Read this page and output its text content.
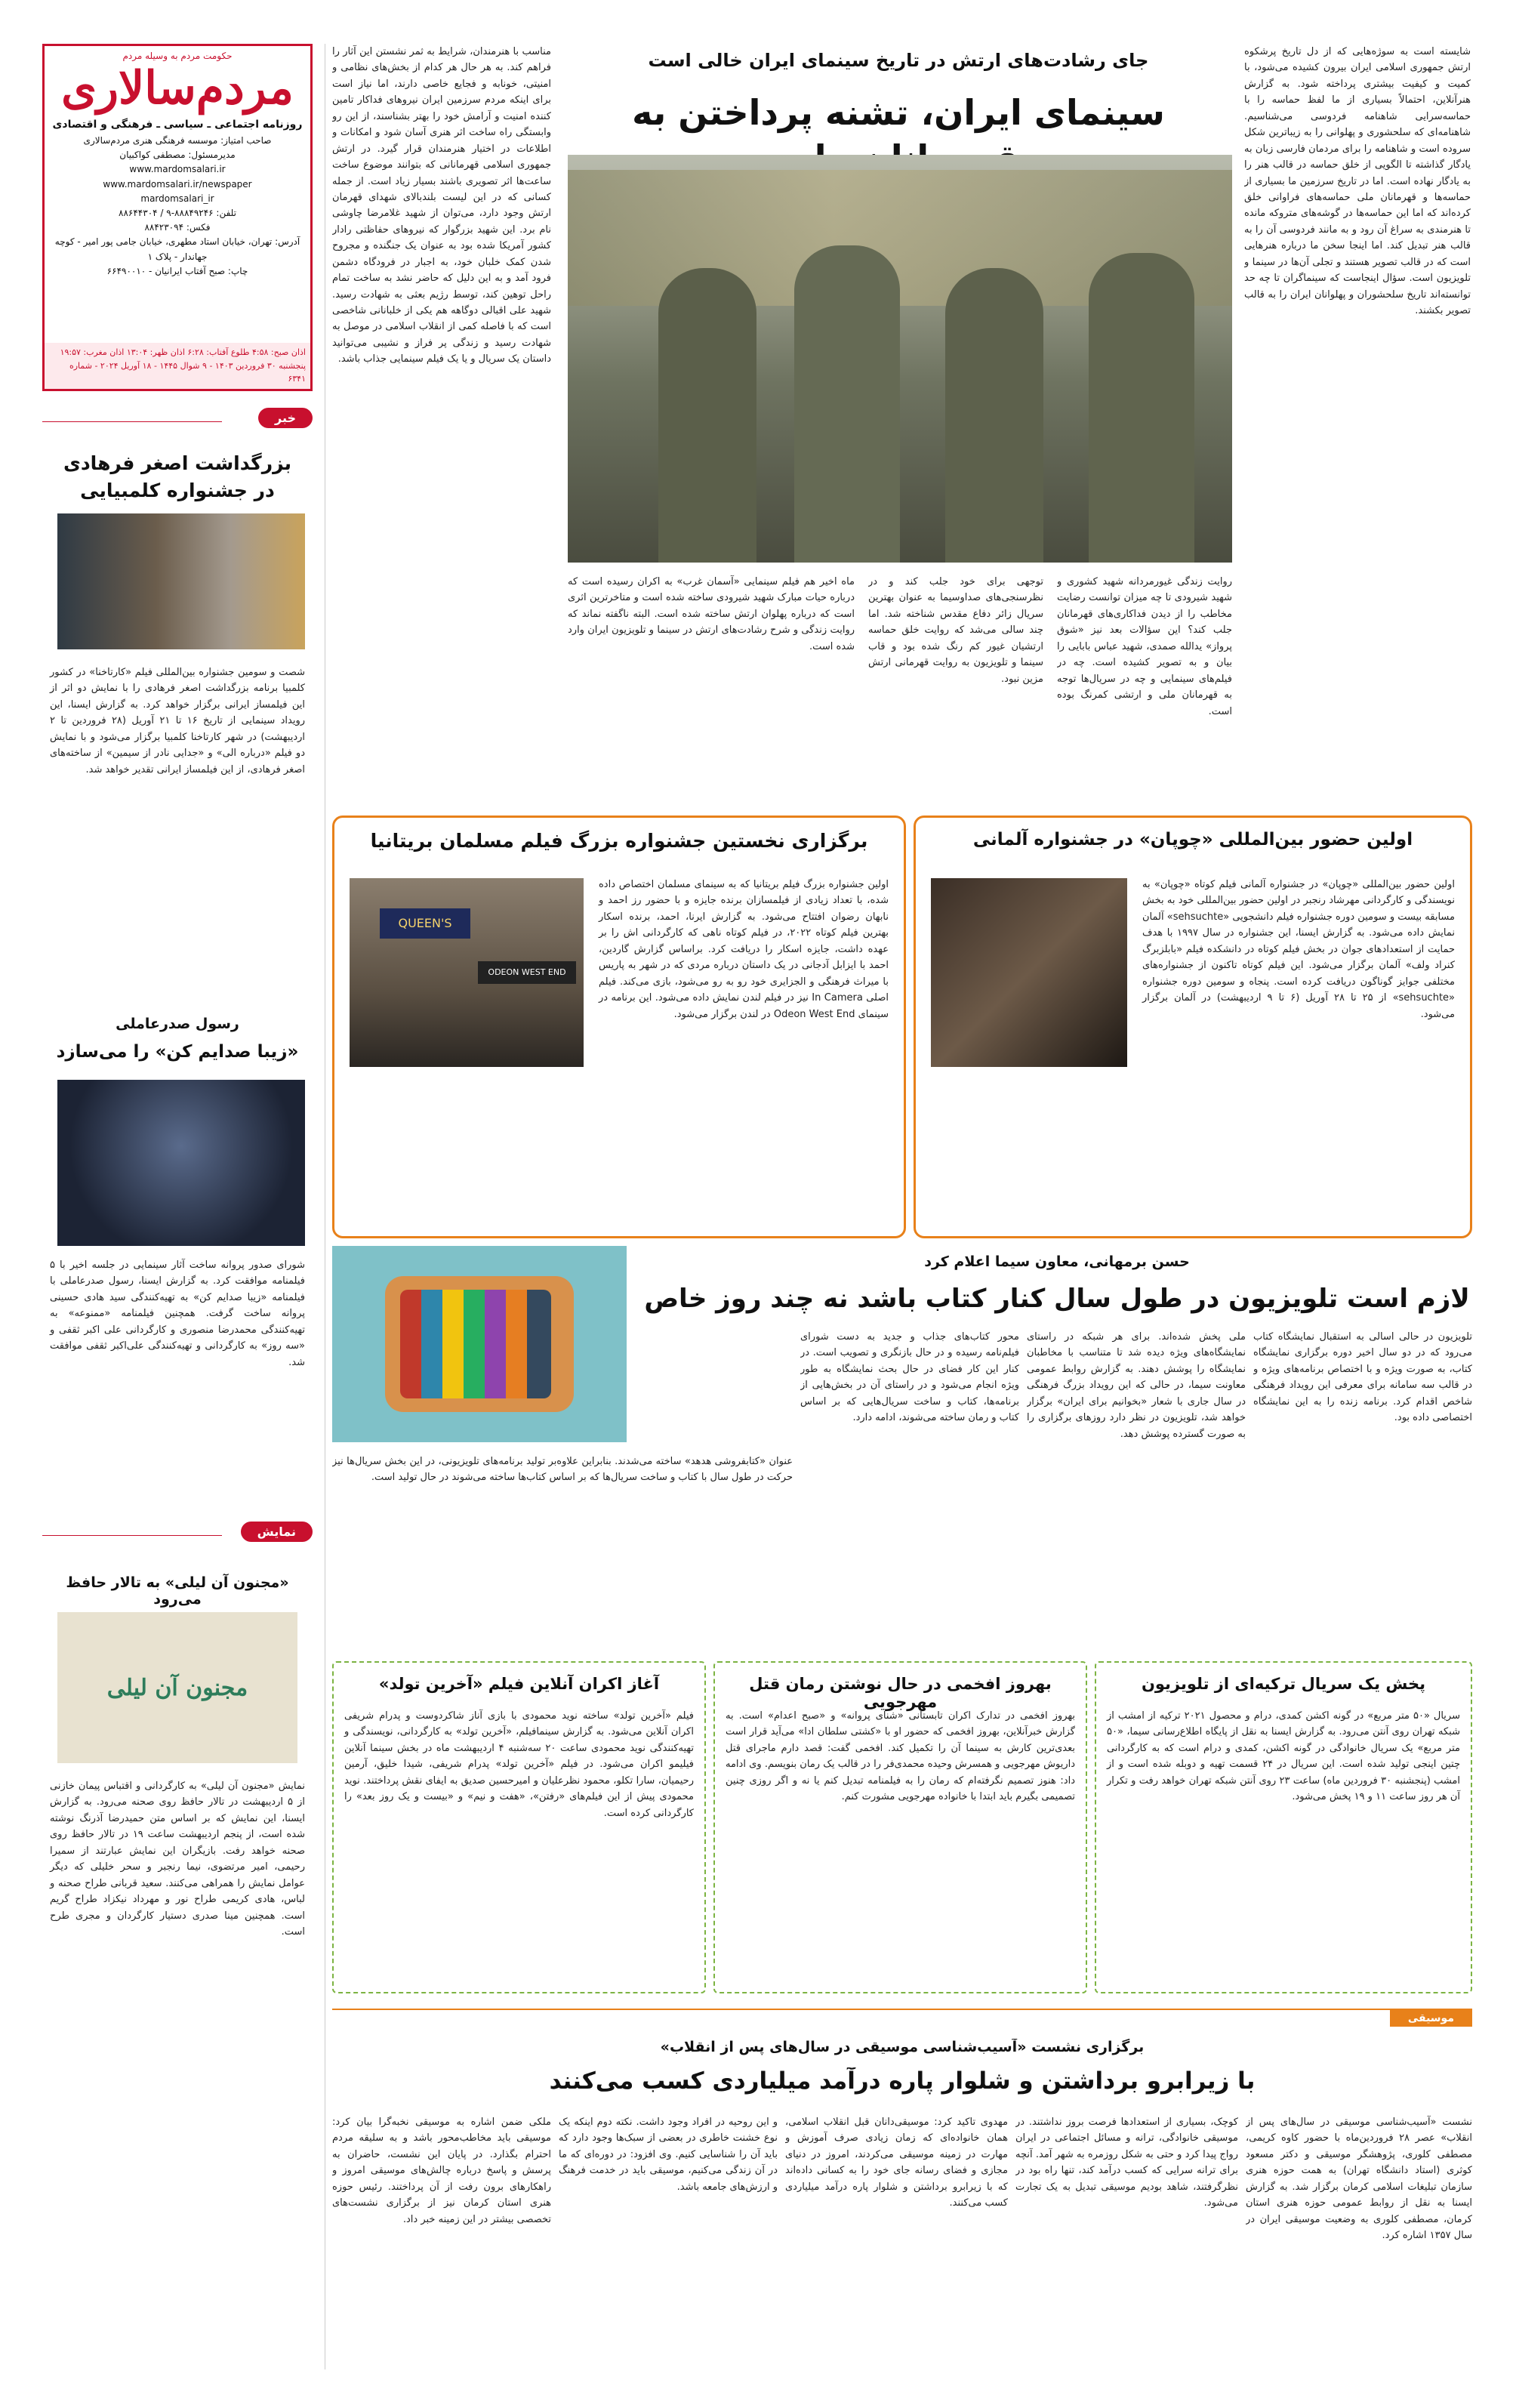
حکومت مردم به وسیله مردم
مردم‌سالاری
روزنامه اجتماعی ـ سیاسی ـ فرهنگی و اقتصادی
صاحب امتیاز: موسسه فرهنگی هنری مردم‌سالاری
مدیرمسئول: مصطفی کواکبیان
www.mardomsalari.ir
www.mardomsalari.ir/newspaper
mardomsalari_ir
تلفن: ۸۸۸۴۹۲۴۶-۹ / ۸۸۶۴۴۳۰۴
فکس: ۸۸۴۲۳۰۹۴
آدرس: تهران، خیابان استاد مطهری، خیابان جامی پور امیر - کوچه جهاندار - پلاک ۱
چاپ: صبح آفتاب ایرانیان - ۶۶۴۹۰۰۱۰
اذان صبح: ۴:۵۸ طلوع آفتاب: ۶:۲۸ اذان ظهر: ۱۳:۰۴ اذان مغرب: ۱۹:۵۷
پنجشنبه ۳۰ فروردین ۱۴۰۳ - ۹ شوال ۱۴۴۵ - ۱۸ آوریل ۲۰۲۴ - شماره ۶۳۴۱
خبر
بزرگداشت اصغر فرهادی در جشنواره کلمبیایی
شصت و سومین جشنواره بین‌المللی فیلم «کارتاخنا» در کشور کلمبیا برنامه بزرگداشت اصغر فرهادی را با نمایش دو اثر از این فیلمساز ایرانی برگزار خواهد کرد. به گزارش ایسنا، این رویداد سینمایی از تاریخ ۱۶ تا ۲۱ آوریل (۲۸ فروردین تا ۲ اردیبهشت) در شهر کارتاخنا کلمبیا برگزار می‌شود و با نمایش دو فیلم «درباره الی» و «جدایی نادر از سیمین» از ساخته‌های اصغر فرهادی، از این فیلمساز ایرانی تقدیر خواهد شد.
رسول صدرعاملی
«زیبا صدایم کن» را می‌سازد
شورای صدور پروانه ساخت آثار سینمایی در جلسه اخیر با ۵ فیلمنامه موافقت کرد. به گزارش ایسنا، رسول صدرعاملی با فیلمنامه «زیبا صدایم کن» به تهیه‌کنندگی سید هادی حسینی پروانه ساخت گرفت. همچنین فیلمنامه «ممنوعه» به تهیه‌کنندگی محمدرضا منصوری و کارگردانی علی اکبر ثقفی و «سه روز» به کارگردانی و تهیه‌کنندگی علی‌اکبر ثقفی موافقت شد.
نمایش
«مجنون آن لیلی» به تالار حافظ می‌رود
مجنون آن لیلی
نمایش «مجنون آن لیلی» به کارگردانی و اقتباس پیمان خازنی از ۵ اردیبهشت در تالار حافظ روی صحنه می‌رود. به گزارش ایسنا، این نمایش که بر اساس متن حمیدرضا آذرنگ نوشته شده است، از پنجم اردیبهشت ساعت ۱۹ در تالار حافظ روی صحنه خواهد رفت. بازیگران این نمایش عبارتند از سمیرا رحیمی، امیر مرتضوی، نیما رنجبر و سحر خلیلی که دیگر عوامل نمایش را همراهی می‌کنند. سعید قربانی طراح صحنه و لباس، هادی کریمی طراح نور و مهرداد نیکزاد طراح گریم است. همچنین مینا صدری دستیار کارگردان و مجری طرح است.
مناسب با هنرمندان، شرایط به ثمر نشستن این آثار را فراهم کند. به هر حال هر کدام از بخش‌های نظامی و امنیتی، خونابه و فجایع خاصی دارند، اما نیاز است برای اینکه مردم سرزمین ایران نیروهای فداکار تامین کننده امنیت و آرامش خود را بهتر بشناسند، از این رو وابستگی راه ساخت اثر هنری آسان شود و امکانات و اطلاعات در اختیار هنرمندان قرار گیرد. در ارتش جمهوری اسلامی قهرمانانی که بتوانند موضوع ساخت ساعت‌ها اثر تصویری باشند بسیار زیاد است. از جمله کسانی که در این لیست بلندبالای شهدای قهرمان ارتش وجود دارد، می‌توان از شهید غلامرضا چاوشی نام برد. این شهید بزرگوار که نیروهای حفاظتی رادار کشور آمریکا شده بود به عنوان یک جنگنده و مجروح شدن کمک خلبان خود، به اجبار در فرودگاه دشمن فرود آمد و به این دلیل که حاضر نشد به ساخت تمام راحل توهین کند، توسط رژیم بعثی به شهادت رسید. شهید علی اقبالی دوگاهه هم یکی از خلبانانی شاخصی است که با فاصله کمی از انقلاب اسلامی در موصل به شهادت رسید و زندگی پر فراز و نشیبی می‌توانید داستان یک سریال و یا یک فیلم سینمایی جذاب باشد.
جای رشادت‌های ارتش در تاریخ سینمای ایران خالی است
سینمای ایران، تشنه پرداختن به
شایسته است به سوژه‌هایی که از دل تاریخ پرشکوه ارتش جمهوری اسلامی ایران بیرون کشیده می‌شود، با کمیت و کیفیت بیشتری پرداخته شود. به گزارش هنرآنلاین، احتمالاً بسیاری از ما لفظ حماسه را با حماسه‌سرایی شاهنامه فردوسی می‌شناسیم. شاهنامه‌ای که سلحشوری و پهلوانی را به زیباترین شکل سروده است و شاهنامه را برای مردمان فارسی زبان به یادگار گذاشته تا الگویی از خلق حماسه در قالب هنر را به یادگار نهاده است. اما در تاریخ سرزمین ما بسیاری از حماسه‌ها و قهرمانان ملی حماسه‌های فراوانی خلق کرده‌اند که اما این حماسه‌ها در گوشه‌های متروکه مانده تا هنرمندی به سراغ آن رود و به مانند فردوسی آن را به قالب هنر تبدیل کند. اما اینجا سخن ما درباره هنرهایی است که در قالب تصویر هستند و تجلی آن‌ها در سینما و تلویزیون است. سؤال اینجاست که سینماگران تا چه حد توانسته‌اند تاریخ سلحشوران و پهلوانان ایران را به قالب تصویر بکشند.
روایت زندگی غیورمردانه شهید کشوری و شهید شیرودی تا چه میزان توانست رضایت مخاطب را از دیدن فداکاری‌های قهرمانان جلب کند؟ این سؤالات بعد نیز «شوق پرواز» یدالله صمدی، شهید عباس بابایی را بیان و به تصویر کشیده است. چه در فیلم‌های سینمایی و چه در سریال‌ها توجه به قهرمانان ملی و ارتشی کمرنگ بوده است.
توجهی برای خود جلب کند و در نظرسنجی‌های صداوسیما به عنوان بهترین سریال زائر دفاع مقدس شناخته شد. اما چند سالی می‌شد که روایت خلق حماسه ارتشیان غیور کم رنگ شده بود و قاب سینما و تلویزیون به روایت قهرمانی ارتش مزین نبود.
ماه اخیر هم فیلم سینمایی «آسمان غرب» به اکران رسیده است که درباره حیات مبارک شهید شیرودی ساخته شده است و متاخرترین اثری است که درباره پهلوان ارتش ساخته شده است. البته ناگفته نماند که روایت زندگی و شرح رشادت‌های ارتش در سینما و تلویزیون ایران وارد شده است.
برگزاری نخستین جشنواره بزرگ فیلم مسلمان بریتانیا
QUEEN'S
ODEON WEST END
اولین جشنواره بزرگ فیلم بریتانیا که به سینمای مسلمان اختصاص داده شده، با تعداد زیادی از فیلمسازان برنده جایزه و با حضور رز احمد و نابهان رضوان افتتاح می‌شود. به گزارش ایرنا، احمد، برنده اسکار بهترین فیلم کوتاه ۲۰۲۲، در فیلم کوتاه ناهی که کارگردانی اش را بر عهده داشت، جایزه اسکار را دریافت کرد. براساس گزارش گاردین، احمد با ایزابل آدجانی در یک داستان درباره مردی که در شهر به پاریس با میراث فرهنگی و الجزایری خود رو به رو می‌شود، بازی می‌کند. فیلم اصلی In Camera نیز در فیلم لندن نمایش داده می‌شود. این برنامه در سینمای Odeon West End در لندن برگزار می‌شود.
اولین حضور بین‌المللی «چوپان» در جشنواره آلمانی
اولین حضور بین‌المللی «چوپان» در جشنواره آلمانی فیلم کوتاه «چوپان» به نویسندگی و کارگردانی مهرشاد رنجبر در اولین حضور بین‌المللی خود به بخش مسابقه بیست و سومین دوره جشنواره فیلم دانشجویی «sehsuchte» آلمان نمایش داده می‌شود. به گزارش ایسنا، این جشنواره در سال ۱۹۹۷ با هدف حمایت از استعدادهای جوان در بخش فیلم کوتاه در دانشکده فیلم «بابلزبرگ کنراد ولف» آلمان برگزار می‌شود. این فیلم کوتاه تاکنون از جشنواره‌های مختلفی جوایز گوناگون دریافت کرده است. پنجاه و سومین دوره جشنواره «sehsuchte» از ۲۵ تا ۲۸ آوریل (۶ تا ۹ اردیبهشت) در آلمان برگزار می‌شود.
حسن برمهانی، معاون سیما اعلام کرد
لازم است تلویزیون در طول سال کنار کتاب باشد نه چند روز خاص
تلویزیون در حالی اسالی به استقبال نمایشگاه کتاب می‌رود که در دو سال اخیر دوره برگزاری نمایشگاه کتاب، به صورت ویژه و با اختصاص برنامه‌های ویژه و در قالب سه سامانه برای معرفی این رویداد فرهنگی شاخص اقدام کرد. برنامه زنده را به این نمایشگاه اختصاصی داده بود.
ملی پخش شده‌اند. برای هر شبکه در راستای نمایشگاه‌های ویژه دیده شد تا متناسب با مخاطبان نمایشگاه را پوشش دهند. به گزارش روابط عمومی معاونت سیما، در حالی که این رویداد بزرگ فرهنگی در سال جاری با شعار «بخوانیم برای ایران» برگزار خواهد شد، تلویزیون در نظر دارد روزهای برگزاری را به صورت گسترده پوشش دهد.
محور کتاب‌های جذاب و جدید به دست شورای فیلم‌نامه رسیده و در حال بازنگری و تصویب است. در کنار این کار فضای در حال بحث نمایشگاه به طور ویژه انجام می‌شود و در راستای آن در بخش‌هایی از برنامه‌ها، کتاب و ساخت سریال‌هایی که بر اساس کتاب و رمان ساخته می‌شوند، ادامه دارد.
عنوان «کتابفروشی هدهد» ساخته می‌شدند. بنابراین علاوه‌بر تولید برنامه‌های تلویزیونی، در این بخش سریال‌ها نیز حرکت در طول سال با کتاب و ساخت سریال‌ها که بر اساس کتاب‌ها ساخته می‌شوند در حال تولید است.
پخش یک سریال ترکیه‌ای از تلویزیون
سریال «۵۰ متر مربع» در گونه اکشن کمدی، درام و محصول ۲۰۲۱ ترکیه از امشب از شبکه تهران روی آنتن می‌رود. به گزارش ایسنا به نقل از پایگاه اطلاع‌رسانی سیما، «۵۰ متر مربع» یک سریال خانوادگی در گونه اکشن، کمدی و درام است که به کارگردانی چتین اینجی تولید شده است. این سریال در ۲۴ قسمت تهیه و دوبله شده است و از امشب (پنجشنبه ۳۰ فروردین ماه) ساعت ۲۳ روی آنتن شبکه تهران خواهد رفت و تکرار آن هر روز ساعت ۱۱ و ۱۹ پخش می‌شود.
بهروز افخمی در حال نوشتن رمان قتل مهرجویی
بهروز افخمی در تدارک اکران تابستانی «شنای پروانه» و «صبح اعدام» است. به گزارش خبرآنلاین، بهروز افخمی که حضور او با «کشتی سلطان ادا» می‌آید قرار است بعدی‌ترین کارش به سینما آن را تکمیل کند. افخمی گفت: قصد دارم ماجرای قتل داریوش مهرجویی و همسرش وحیده محمدی‌فر را در قالب یک رمان بنویسم. وی ادامه داد: هنوز تصمیم نگرفته‌ام که رمان را به فیلمنامه تبدیل کنم یا نه و اگر روزی چنین تصمیمی بگیرم باید ابتدا با خانواده مهرجویی مشورت کنم.
آغاز اکران آنلاین فیلم «آخرین تولد»
فیلم «آخرین تولد» ساخته نوید محمودی با بازی آناز شاکردوست و پدرام شریفی اکران آنلاین می‌شود. به گزارش سینمافیلم، «آخرین تولد» به کارگردانی، نویسندگی و تهیه‌کنندگی نوید محمودی ساعت ۲۰ سه‌شنبه ۴ اردیبهشت ماه در بخش سینما آنلاین فیلیمو اکران می‌شود. در فیلم «آخرین تولد» پدرام شریفی، شیدا خلیق، آرمین رحیمیان، سارا تکلو، محمود نظرعلیان و امیرحسین صدیق به ایفای نقش پرداختند. نوید محمودی پیش از این فیلم‌های «رفتن»، «هفت و نیم» و «بیست و یک روز بعد» را کارگردانی کرده است.
موسیقی
برگزاری نشست «آسیب‌شناسی موسیقی در سال‌های پس از انقلاب»
با زیرابرو برداشتن و شلوار پاره درآمد میلیاردی کسب می‌کنند
نشست «آسیب‌شناسی موسیقی در سال‌های پس از انقلاب» عصر ۲۸ فروردین‌ماه با حضور کاوه کریمی، مصطفی کلوری، پژوهشگر موسیقی و دکتر مسعود کوثری (استاد دانشگاه تهران) به همت حوزه هنری سازمان تبلیغات اسلامی کرمان برگزار شد. به گزارش ایسنا به نقل از روابط عمومی حوزه هنری استان کرمان، مصطفی کلوری به وضعیت موسیقی ایران در سال ۱۳۵۷ اشاره کرد.
کوچک، بسیاری از استعدادها فرصت بروز نداشتند. در موسیقی خانوادگی، ترانه و مسائل اجتماعی در ایران رواج پیدا کرد و حتی به شکل روزمره به شهر آمد. آنچه برای ترانه سرایی که کسب درآمد کند، تنها راه بود در نظرگرفتند، شاهد بودیم موسیقی تبدیل به یک تجارت می‌شود.
مهدوی تاکید کرد: موسیقی‌دانان قبل انقلاب اسلامی، همان خانواده‌ای که زمان زیادی صرف آموزش و مهارت در زمینه موسیقی می‌کردند، امروز در دنیای مجازی و فضای رسانه جای خود را به کسانی داده‌اند که با زیرابرو برداشتن و شلوار پاره درآمد میلیاردی کسب می‌کنند.
و این روحیه در افراد وجود داشت. نکته دوم اینکه یک نوع خشنت خاطری در بعضی از سبک‌ها وجود دارد که باید آن را شناسایی کنیم. وی افزود: در دوره‌ای که ما در آن زندگی می‌کنیم، موسیقی باید در خدمت فرهنگ و ارزش‌های جامعه باشد.
ملکی ضمن اشاره به موسیقی نخبه‌گرا بیان کرد: موسیقی باید مخاطب‌محور باشد و به سلیقه مردم احترام بگذارد. در پایان این نشست، حاضران به پرسش و پاسخ درباره چالش‌های موسیقی امروز و راهکارهای برون رفت از آن پرداختند. رئیس حوزه هنری استان کرمان نیز از برگزاری نشست‌های تخصصی بیشتر در این زمینه خبر داد.
